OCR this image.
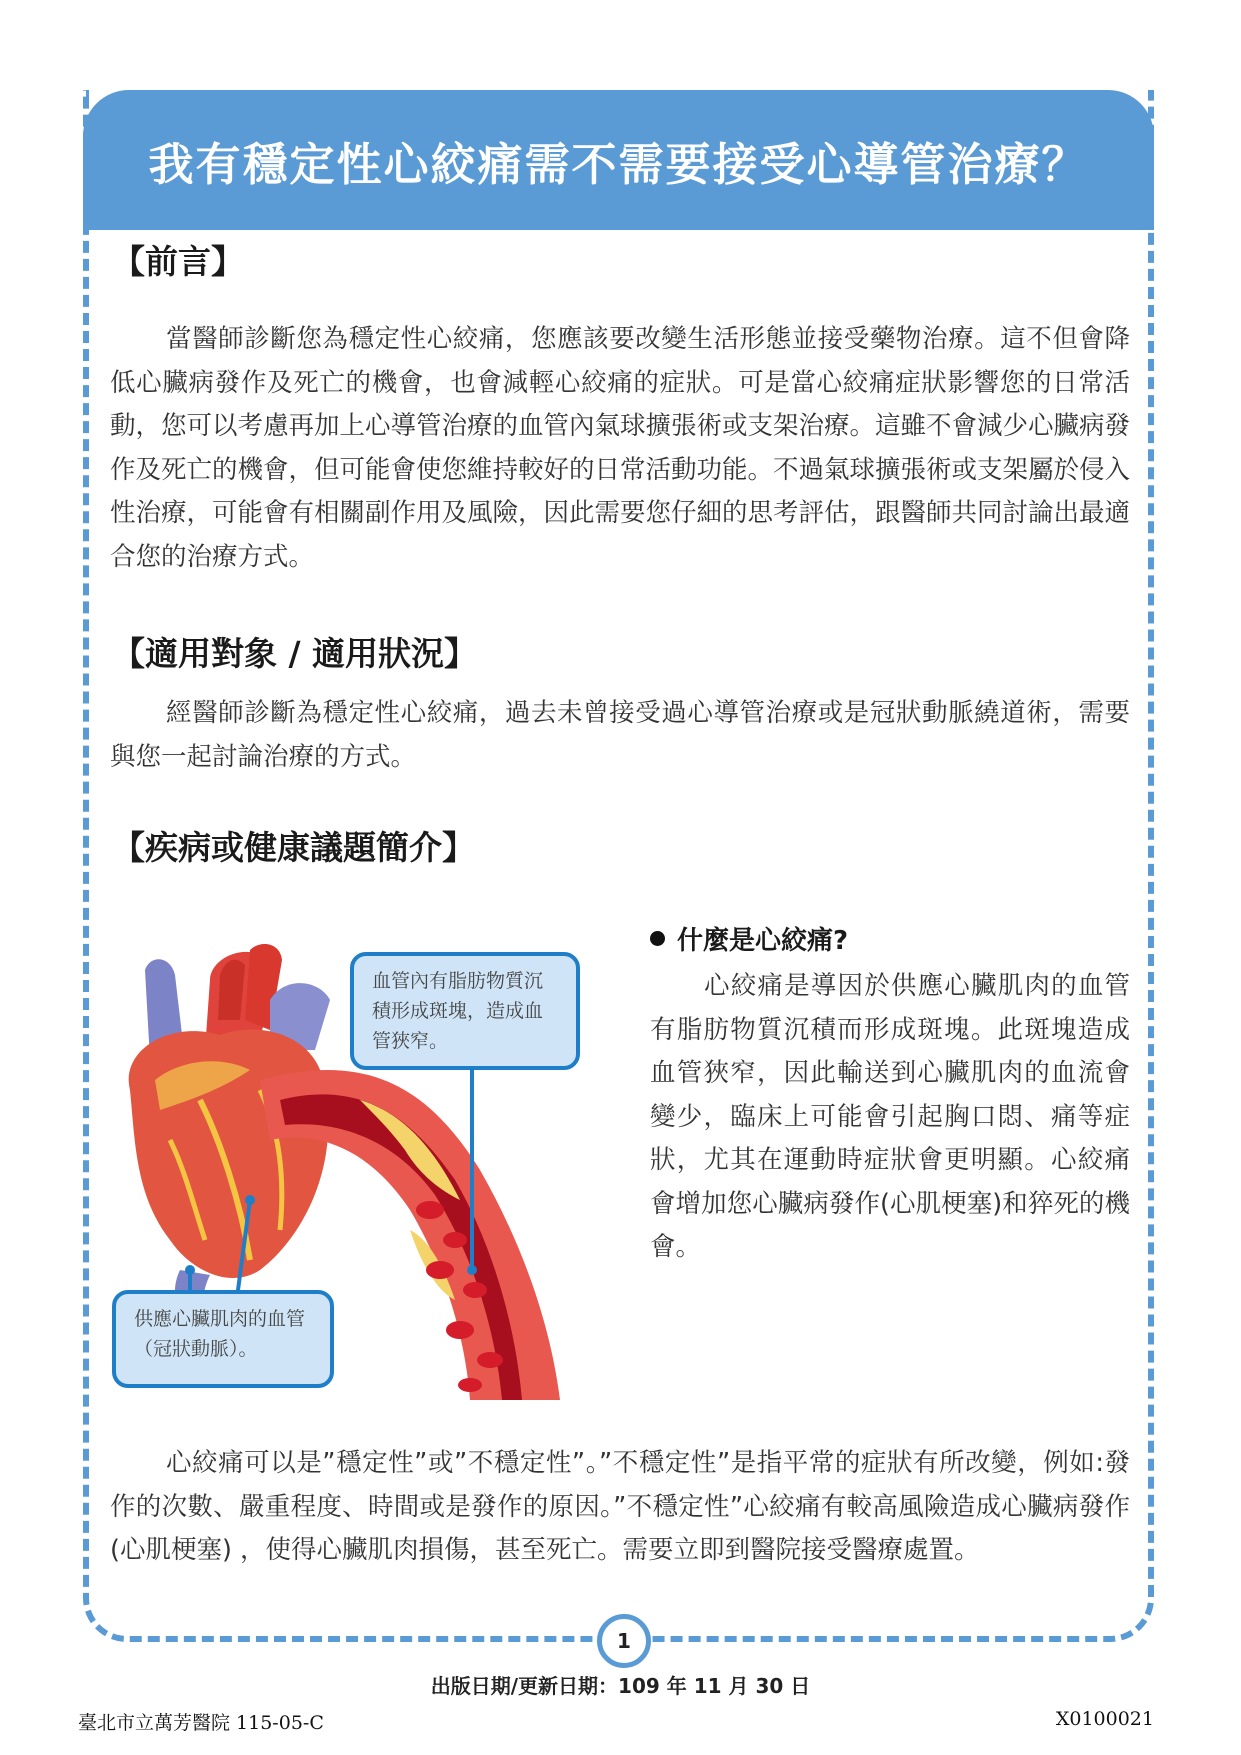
我有穩定性心絞痛需不需要接受心導管治療？
【前言】

當醫師診斷您為穩定性心絞痛，您應該要改變生活形態並接受藥物治療。這不但會降低心臟病發作及死亡的機會，也會減輕心絞痛的症狀。可是當心絞痛症狀影響您的日常活動，您可以考慮再加上心導管治療的血管內氣球擴張術或支架治療。這雖不會減少心臟病發作及死亡的機會，但可能會使您維持較好的日常活動功能。不過氣球擴張術或支架屬於侵入性治療，可能會有相關副作用及風險，因此需要您仔細的思考評估，跟醫師共同討論出最適合您的治療方式。

【適用對象 / 適用狀況】

經醫師診斷為穩定性心絞痛，過去未曾接受過心導管治療或是冠狀動脈繞道術，需要與您一起討論治療的方式。

【疾病或健康議題簡介】
血管內有脂肪物質沉積形成斑塊，造成血管狹窄。
供應心臟肌肉的血管（冠狀動脈）。
什麼是心絞痛?

心絞痛是導因於供應心臟肌肉的血管有脂肪物質沉積而形成斑塊。此斑塊造成血管狹窄，因此輸送到心臟肌肉的血流會變少，臨床上可能會引起胸口悶、痛等症狀，尤其在運動時症狀會更明顯。心絞痛會增加您心臟病發作(心肌梗塞)和猝死的機會。

心絞痛可以是”穩定性”或”不穩定性”。”不穩定性”是指平常的症狀有所改變，例如:發作的次數、嚴重程度、時間或是發作的原因。”不穩定性”心絞痛有較高風險造成心臟病發作(心肌梗塞) ，使得心臟肌肉損傷，甚至死亡。需要立即到醫院接受醫療處置。

1
出版日期/更新日期：109 年 11 月 30 日
臺北市立萬芳醫院 115-05-C	X0100021
